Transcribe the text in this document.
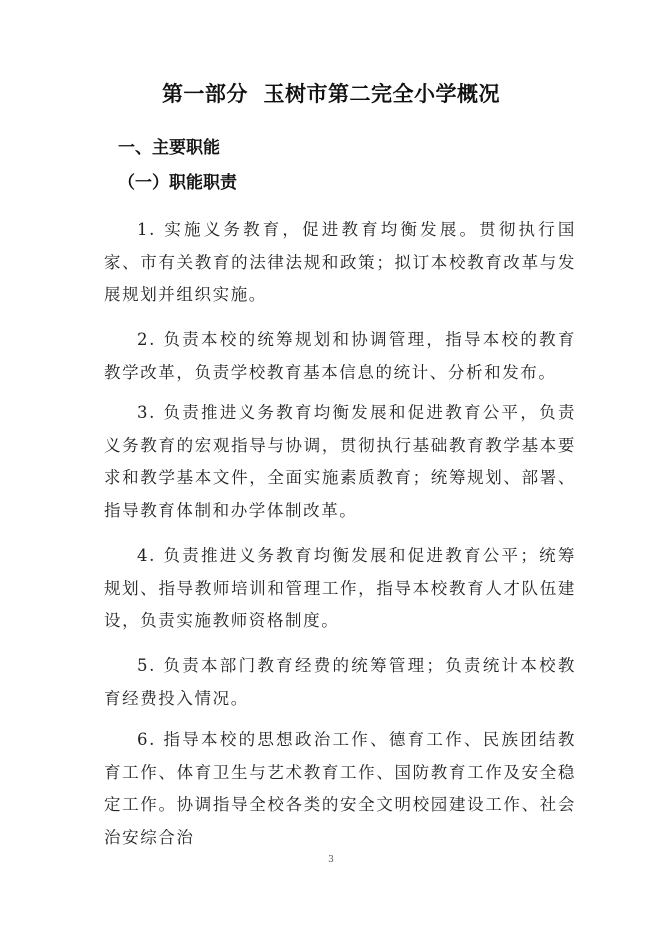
第一部分  玉树市第二完全小学概况
一、主要职能
（一）职能职责

1. 实施义务教育，促进教育均衡发展。贯彻执行国家、市有关教育的法律法规和政策；拟订本校教育改革与发展规划并组织实施。

2. 负责本校的统筹规划和协调管理，指导本校的教育教学改革，负责学校教育基本信息的统计、分析和发布。

3. 负责推进义务教育均衡发展和促进教育公平，负责义务教育的宏观指导与协调，贯彻执行基础教育教学基本要求和教学基本文件，全面实施素质教育；统筹规划、部署、指导教育体制和办学体制改革。

4. 负责推进义务教育均衡发展和促进教育公平；统筹规划、指导教师培训和管理工作，指导本校教育人才队伍建设，负责实施教师资格制度。

5. 负责本部门教育经费的统筹管理；负责统计本校教育经费投入情况。

6. 指导本校的思想政治工作、德育工作、民族团结教育工作、体育卫生与艺术教育工作、国防教育工作及安全稳定工作。协调指导全校各类的安全文明校园建设工作、社会治安综合治

3
